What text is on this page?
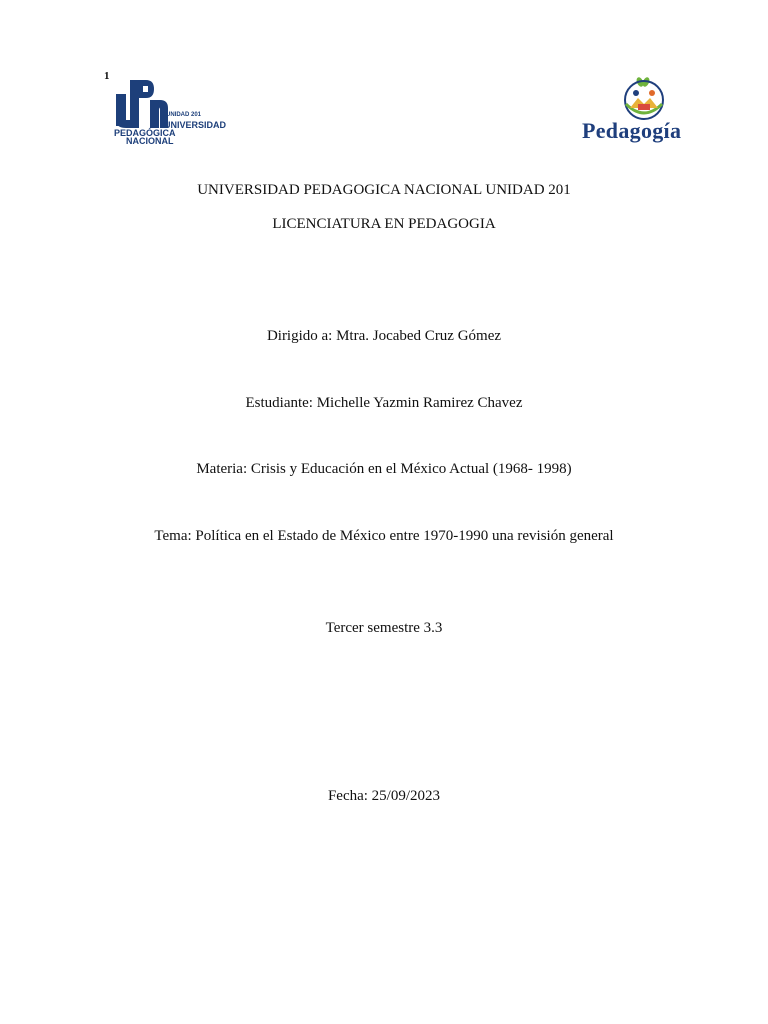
1
UNIDAD 201
UNIVERSIDAD
PEDAGÓGICA
NACIONAL	Pedagogía
UNIVERSIDAD PEDAGOGICA NACIONAL UNIDAD 201
LICENCIATURA EN PEDAGOGIA
Dirigido a: Mtra. Jocabed Cruz Gómez
Estudiante: Michelle Yazmin Ramirez Chavez
Materia: Crisis y Educación en el México Actual (1968- 1998)
Tema: Política en el Estado de México entre 1970-1990 una revisión general
Tercer semestre 3.3
Fecha: 25/09/2023
